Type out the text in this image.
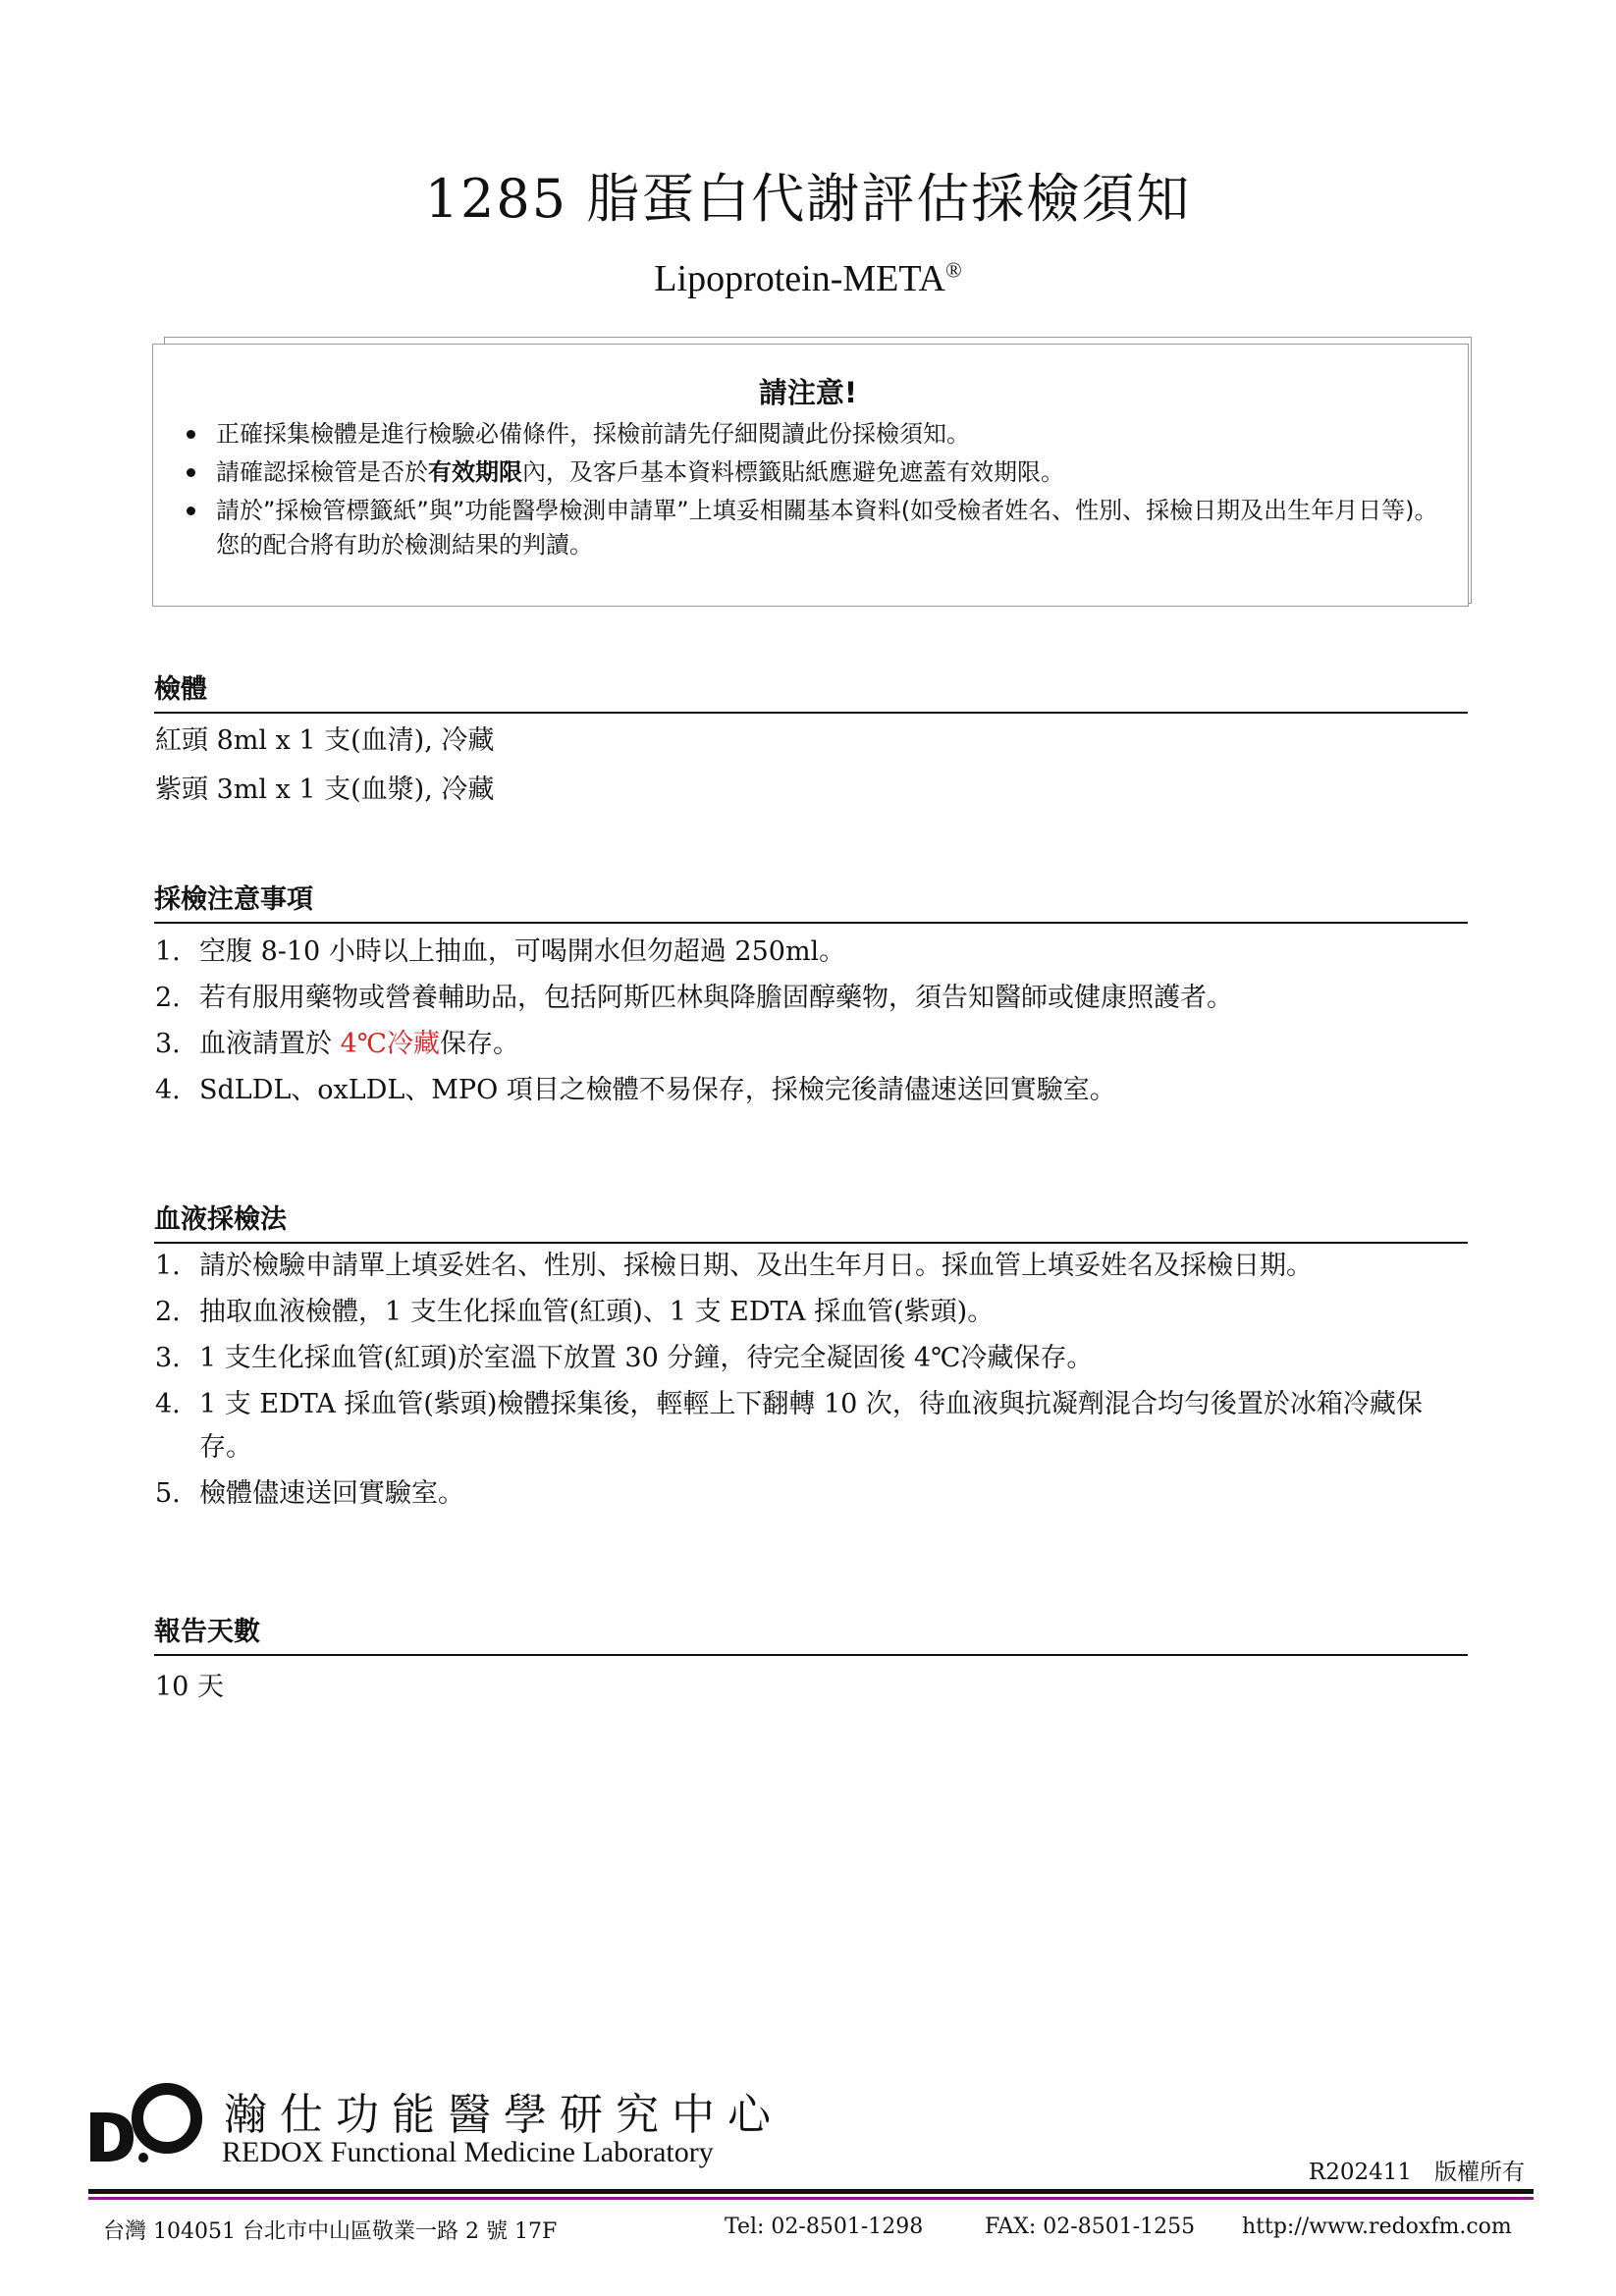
1285 脂蛋白代謝評估採檢須知
Lipoprotein-META®
請注意!
正確採集檢體是進行檢驗必備條件，採檢前請先仔細閱讀此份採檢須知。
請確認採檢管是否於有效期限內，及客戶基本資料標籤貼紙應避免遮蓋有效期限。
請於”採檢管標籤紙”與”功能醫學檢測申請單”上填妥相關基本資料(如受檢者姓名、性別、採檢日期及出生年月日等)。您的配合將有助於檢測結果的判讀。
檢體
紅頭 8ml x 1 支(血清), 冷藏
紫頭 3ml x 1 支(血漿), 冷藏
採檢注意事項
1. 空腹 8-10 小時以上抽血，可喝開水但勿超過 250ml。
2. 若有服用藥物或營養輔助品，包括阿斯匹林與降膽固醇藥物，須告知醫師或健康照護者。
3. 血液請置於 4℃冷藏保存。
4. SdLDL、oxLDL、MPO 項目之檢體不易保存，採檢完後請儘速送回實驗室。
血液採檢法
1. 請於檢驗申請單上填妥姓名、性別、採檢日期、及出生年月日。採血管上填妥姓名及採檢日期。
2. 抽取血液檢體，1 支生化採血管(紅頭)、1 支 EDTA 採血管(紫頭)。
3. 1 支生化採血管(紅頭)於室溫下放置 30 分鐘，待完全凝固後 4℃冷藏保存。
4. 1 支 EDTA 採血管(紫頭)檢體採集後，輕輕上下翻轉 10 次，待血液與抗凝劑混合均勻後置於冰箱冷藏保存。
5. 檢體儘速送回實驗室。
報告天數
10 天
瀚仕功能醫學研究中心
REDOX Functional Medicine Laboratory
R202411　版權所有
台灣 104051 台北市中山區敬業一路 2 號 17F	Tel: 02-8501-1298	FAX: 02-8501-1255 http://www.redoxfm.com
